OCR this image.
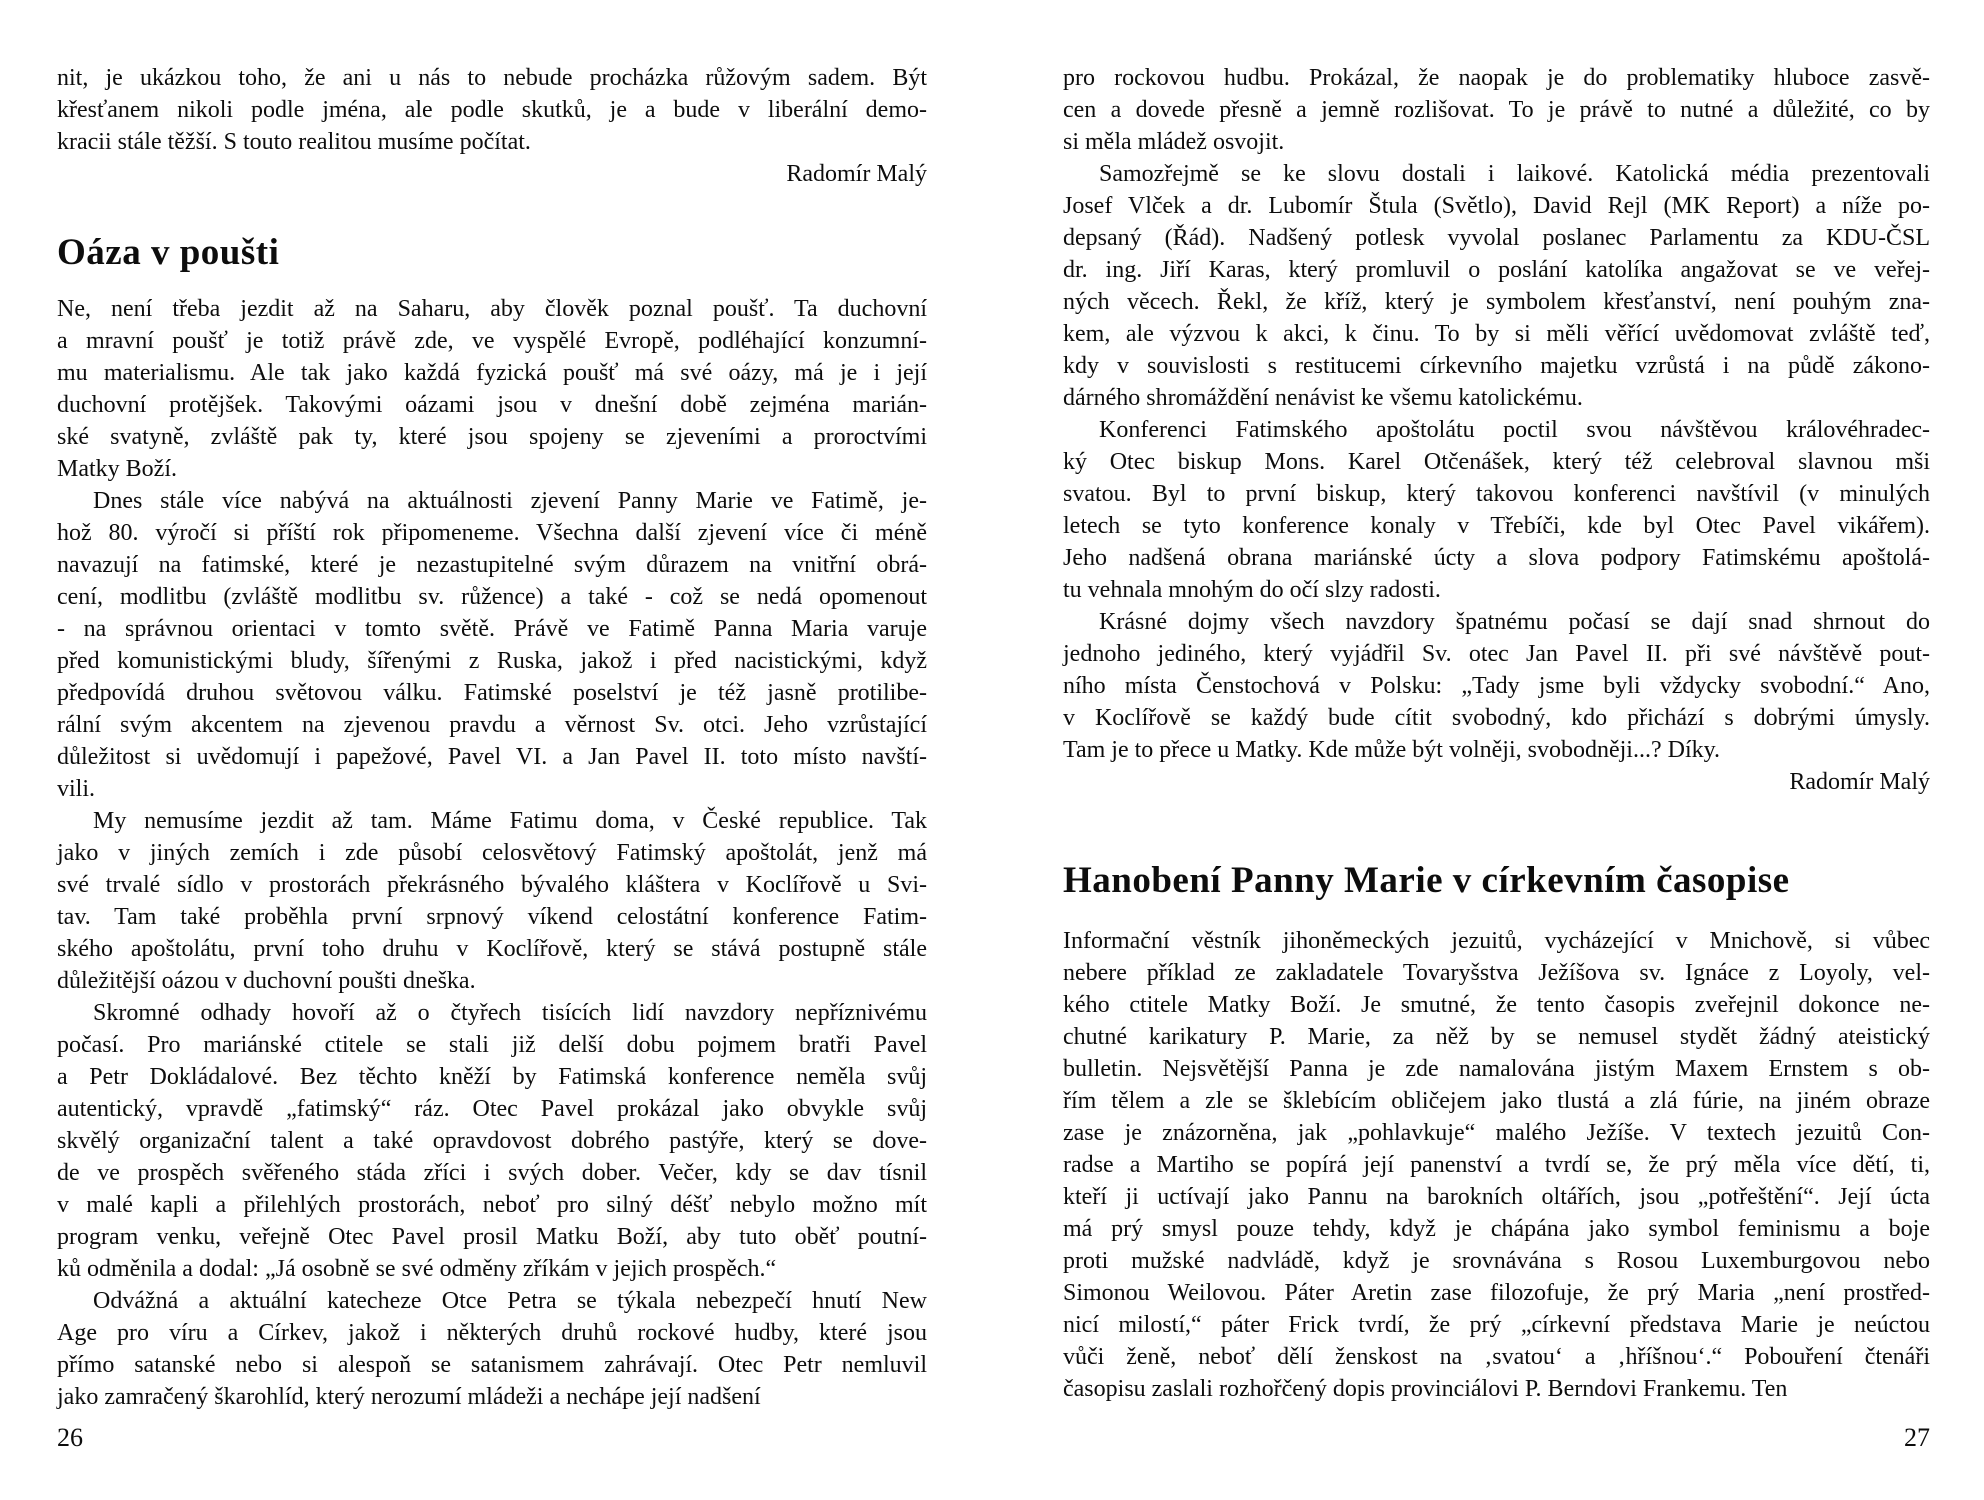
nit, je ukázkou toho, že ani u nás to nebude procházka růžovým sadem. Být
křesťanem nikoli podle jména, ale podle skutků, je a bude v liberální demo-
kracii stále těžší. S touto realitou musíme počítat.
Radomír Malý
Oáza v poušti
Ne, není třeba jezdit až na Saharu, aby člověk poznal poušť. Ta duchovní
a mravní poušť je totiž právě zde, ve vyspělé Evropě, podléhající konzumní-
mu materialismu. Ale tak jako každá fyzická poušť má své oázy, má je i její
duchovní protějšek. Takovými oázami jsou v dnešní době zejména marián-
ské svatyně, zvláště pak ty, které jsou spojeny se zjeveními a proroctvími
Matky Boží.
Dnes stále více nabývá na aktuálnosti zjevení Panny Marie ve Fatimě, je-
hož 80. výročí si příští rok připomeneme. Všechna další zjevení více či méně
navazují na fatimské, které je nezastupitelné svým důrazem na vnitřní obrá-
cení, modlitbu (zvláště modlitbu sv. růžence) a také - což se nedá opomenout
- na správnou orientaci v tomto světě. Právě ve Fatimě Panna Maria varuje
před komunistickými bludy, šířenými z Ruska, jakož i před nacistickými, když
předpovídá druhou světovou válku. Fatimské poselství je též jasně protilibe-
rální svým akcentem na zjevenou pravdu a věrnost Sv. otci. Jeho vzrůstající
důležitost si uvědomují i papežové, Pavel VI. a Jan Pavel II. toto místo navští-
vili.
My nemusíme jezdit až tam. Máme Fatimu doma, v České republice. Tak
jako v jiných zemích i zde působí celosvětový Fatimský apoštolát, jenž má
své trvalé sídlo v prostorách překrásného bývalého kláštera v Koclířově u Svi-
tav. Tam také proběhla první srpnový víkend celostátní konference Fatim-
ského apoštolátu, první toho druhu v Koclířově, který se stává postupně stále
důležitější oázou v duchovní poušti dneška.
Skromné odhady hovoří až o čtyřech tisících lidí navzdory nepříznivému
počasí. Pro mariánské ctitele se stali již delší dobu pojmem bratři Pavel
a Petr Dokládalové. Bez těchto kněží by Fatimská konference neměla svůj
autentický, vpravdě „fatimský“ ráz. Otec Pavel prokázal jako obvykle svůj
skvělý organizační talent a také opravdovost dobrého pastýře, který se dove-
de ve prospěch svěřeného stáda zříci i svých dober. Večer, kdy se dav tísnil
v malé kapli a přilehlých prostorách, neboť pro silný déšť nebylo možno mít
program venku, veřejně Otec Pavel prosil Matku Boží, aby tuto oběť poutní-
ků odměnila a dodal: „Já osobně se své odměny zříkám v jejich prospěch.“
Odvážná a aktuální katecheze Otce Petra se týkala nebezpečí hnutí New
Age pro víru a Církev, jakož i některých druhů rockové hudby, které jsou
přímo satanské nebo si alespoň se satanismem zahrávají. Otec Petr nemluvil
jako zamračený škarohlíd, který nerozumí mládeži a nechápe její nadšení
pro rockovou hudbu. Prokázal, že naopak je do problematiky hluboce zasvě-
cen a dovede přesně a jemně rozlišovat. To je právě to nutné a důležité, co by
si měla mládež osvojit.
Samozřejmě se ke slovu dostali i laikové. Katolická média prezentovali
Josef Vlček a dr. Lubomír Štula (Světlo), David Rejl (MK Report) a níže po-
depsaný (Řád). Nadšený potlesk vyvolal poslanec Parlamentu za KDU-ČSL
dr. ing. Jiří Karas, který promluvil o poslání katolíka angažovat se ve veřej-
ných věcech. Řekl, že kříž, který je symbolem křesťanství, není pouhým zna-
kem, ale výzvou k akci, k činu. To by si měli věřící uvědomovat zvláště teď,
kdy v souvislosti s restitucemi církevního majetku vzrůstá i na půdě zákono-
dárného shromáždění nenávist ke všemu katolickému.
Konferenci Fatimského apoštolátu poctil svou návštěvou královéhradec-
ký Otec biskup Mons. Karel Otčenášek, který též celebroval slavnou mši
svatou. Byl to první biskup, který takovou konferenci navštívil (v minulých
letech se tyto konference konaly v Třebíči, kde byl Otec Pavel vikářem).
Jeho nadšená obrana mariánské úcty a slova podpory Fatimskému apoštolá-
tu vehnala mnohým do očí slzy radosti.
Krásné dojmy všech navzdory špatnému počasí se dají snad shrnout do
jednoho jediného, který vyjádřil Sv. otec Jan Pavel II. při své návštěvě pout-
ního místa Čenstochová v Polsku: „Tady jsme byli vždycky svobodní.“ Ano,
v Koclířově se každý bude cítit svobodný, kdo přichází s dobrými úmysly.
Tam je to přece u Matky. Kde může být volněji, svobodněji...? Díky.
Radomír Malý
Hanobení Panny Marie v církevním časopise
Informační věstník jihoněmeckých jezuitů, vycházející v Mnichově, si vůbec
nebere příklad ze zakladatele Tovaryšstva Ježíšova sv. Ignáce z Loyoly, vel-
kého ctitele Matky Boží. Je smutné, že tento časopis zveřejnil dokonce ne-
chutné karikatury P. Marie, za něž by se nemusel stydět žádný ateistický
bulletin. Nejsvětější Panna je zde namalována jistým Maxem Ernstem s ob-
řím tělem a zle se šklebícím obličejem jako tlustá a zlá fúrie, na jiném obraze
zase je znázorněna, jak „pohlavkuje“ malého Ježíše. V textech jezuitů Con-
radse a Martiho se popírá její panenství a tvrdí se, že prý měla více dětí, ti,
kteří ji uctívají jako Pannu na barokních oltářích, jsou „potřeštění“. Její úcta
má prý smysl pouze tehdy, když je chápána jako symbol feminismu a boje
proti mužské nadvládě, když je srovnávána s Rosou Luxemburgovou nebo
Simonou Weilovou. Páter Aretin zase filozofuje, že prý Maria „není prostřed-
nicí milostí,“ páter Frick tvrdí, že prý „církevní představa Marie je neúctou
vůči ženě, neboť dělí ženskost na ‚svatou‘ a ‚hříšnou‘.“ Pobouření čtenáři
časopisu zaslali rozhořčený dopis provinciálovi P. Berndovi Frankemu. Ten
26	27
